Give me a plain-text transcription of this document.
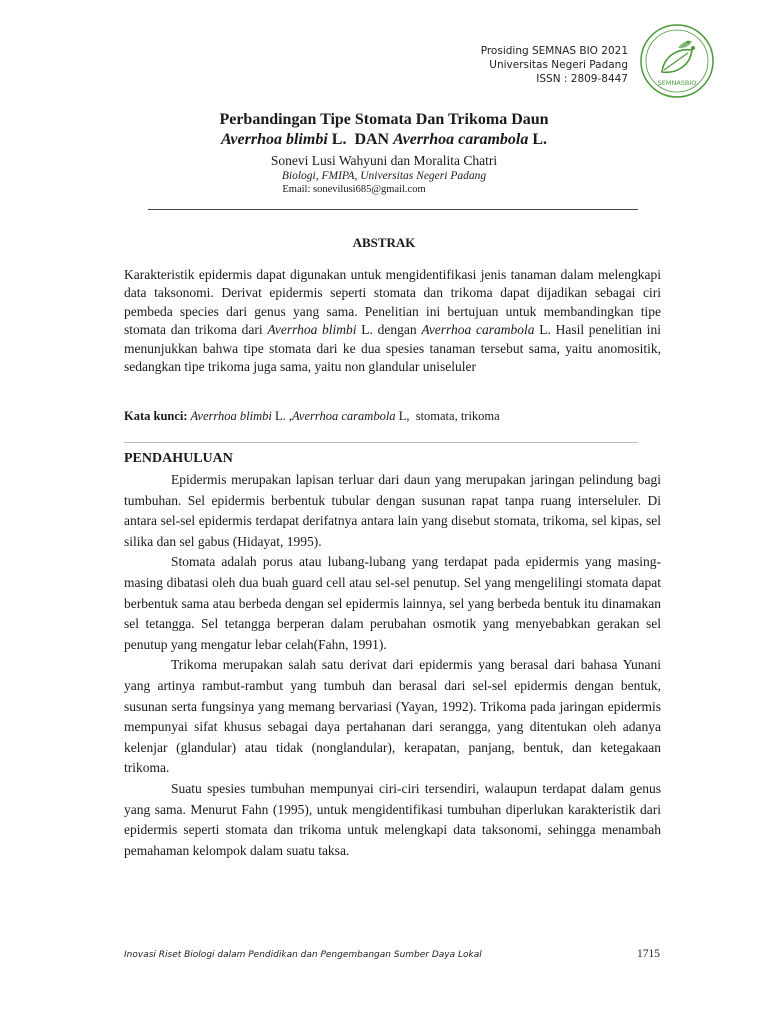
Prosiding SEMNAS BIO 2021
Universitas Negeri Padang
ISSN : 2809-8447	SEMNASBIO
Perbandingan Tipe Stomata Dan Trikoma Daun
Averrhoa blimbi L.  DAN Averrhoa carambola L.
Sonevi Lusi Wahyuni dan Moralita Chatri
Biologi, FMIPA, Universitas Negeri Padang
Email: sonevilusi685@gmail.com
ABSTRAK
Karakteristik epidermis dapat digunakan untuk mengidentifikasi jenis tanaman dalam melengkapi data taksonomi. Derivat epidermis seperti stomata dan trikoma dapat dijadikan sebagai ciri pembeda species dari genus yang sama. Penelitian ini bertujuan untuk membandingkan tipe stomata dan trikoma dari Averrhoa blimbi L. dengan Averrhoa carambola L. Hasil penelitian ini menunjukkan bahwa tipe stomata dari ke dua spesies tanaman tersebut sama, yaitu anomositik, sedangkan tipe trikoma juga sama, yaitu non glandular uniseluler
Kata kunci: Averrhoa blimbi L. ,Averrhoa carambola L,  stomata, trikoma
PENDAHULUAN

Epidermis merupakan lapisan terluar dari daun yang merupakan jaringan pelindung bagi tumbuhan. Sel epidermis berbentuk tubular dengan susunan rapat tanpa ruang interseluler. Di antara sel-sel epidermis terdapat derifatnya antara lain yang disebut stomata, trikoma, sel kipas, sel silika dan sel gabus (Hidayat, 1995).

Stomata adalah porus atau lubang-lubang yang terdapat pada epidermis yang masing-masing dibatasi oleh dua buah guard cell atau sel-sel penutup. Sel yang mengelilingi stomata dapat berbentuk sama atau berbeda dengan sel epidermis lainnya, sel yang berbeda bentuk itu dinamakan sel tetangga. Sel tetangga berperan dalam perubahan osmotik yang menyebabkan gerakan sel penutup yang mengatur lebar celah(Fahn, 1991).

Trikoma merupakan salah satu derivat dari epidermis yang berasal dari bahasa Yunani yang artinya rambut-rambut yang tumbuh dan berasal dari sel-sel epidermis dengan bentuk, susunan serta fungsinya yang memang bervariasi (Yayan, 1992). Trikoma pada jaringan epidermis mempunyai sifat khusus sebagai daya pertahanan dari serangga, yang ditentukan oleh adanya kelenjar (glandular) atau tidak (nonglandular), kerapatan, panjang, bentuk, dan ketegakaan trikoma.

Suatu spesies tumbuhan mempunyai ciri-ciri tersendiri, walaupun terdapat dalam genus yang sama. Menurut Fahn (1995), untuk mengidentifikasi tumbuhan diperlukan karakteristik dari epidermis seperti stomata dan trikoma untuk melengkapi data taksonomi, sehingga menambah pemahaman kelompok dalam suatu taksa.

Inovasi Riset Biologi dalam Pendidikan dan Pengembangan Sumber Daya Lokal	1715
